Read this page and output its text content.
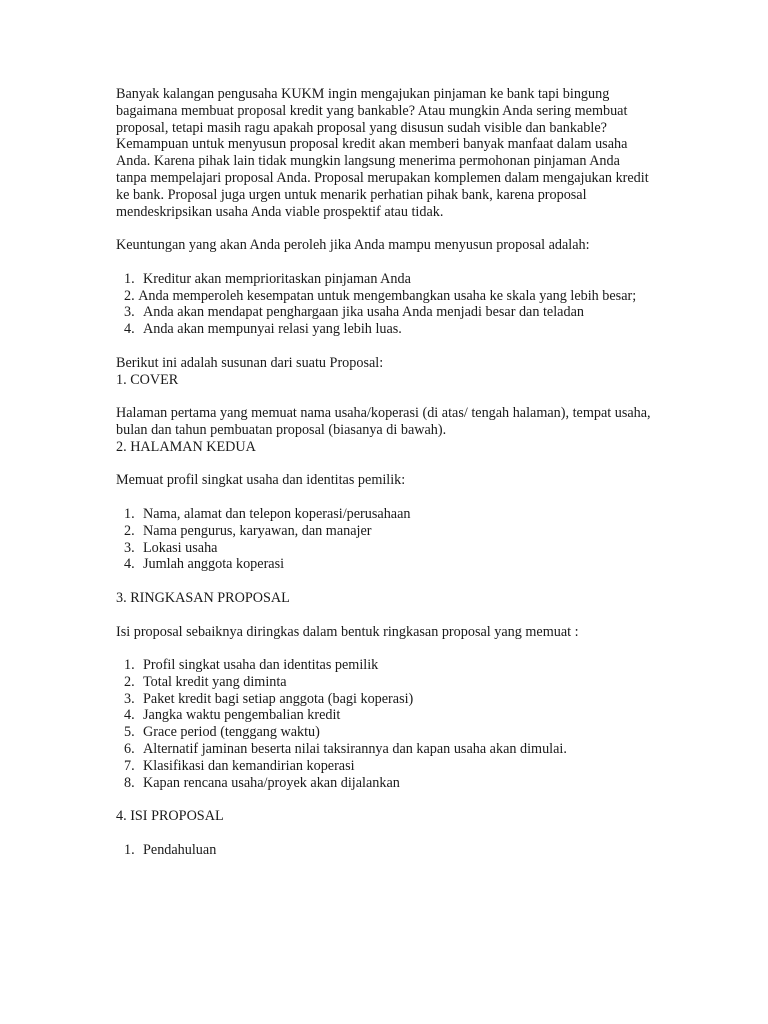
Banyak kalangan pengusaha KUKM ingin mengajukan pinjaman ke bank tapi bingung bagaimana membuat proposal kredit yang bankable? Atau mungkin Anda sering membuat proposal, tetapi masih ragu apakah proposal yang disusun sudah visible dan bankable? Kemampuan untuk menyusun proposal kredit akan memberi banyak manfaat dalam usaha Anda. Karena pihak lain tidak mungkin langsung menerima permohonan pinjaman Anda tanpa mempelajari proposal Anda. Proposal merupakan komplemen dalam mengajukan kredit ke bank. Proposal juga urgen untuk menarik perhatian pihak bank, karena proposal mendeskripsikan usaha Anda viable prospektif atau tidak.

Keuntungan yang akan Anda peroleh jika Anda mampu menyusun proposal adalah:

1. Kreditur akan memprioritaskan pinjaman Anda
2. Anda memperoleh kesempatan untuk mengembangkan usaha ke skala yang lebih besar;
3. Anda akan mendapat penghargaan jika usaha Anda menjadi besar dan teladan
4. Anda akan mempunyai relasi yang lebih luas.

Berikut ini adalah susunan dari suatu Proposal:

1. COVER

Halaman pertama yang memuat nama usaha/koperasi (di atas/ tengah halaman), tempat usaha, bulan dan tahun pembuatan proposal (biasanya di bawah).

2. HALAMAN KEDUA

Memuat profil singkat usaha dan identitas pemilik:

1. Nama, alamat dan telepon koperasi/perusahaan
2. Nama pengurus, karyawan, dan manajer
3. Lokasi usaha
4. Jumlah anggota koperasi

3. RINGKASAN PROPOSAL

Isi proposal sebaiknya diringkas dalam bentuk ringkasan proposal yang memuat :

1. Profil singkat usaha dan identitas pemilik
2. Total kredit yang diminta
3. Paket kredit bagi setiap anggota (bagi koperasi)
4. Jangka waktu pengembalian kredit
5. Grace period (tenggang waktu)
6. Alternatif jaminan beserta nilai taksirannya dan kapan usaha akan dimulai.
7. Klasifikasi dan kemandirian koperasi
8. Kapan rencana usaha/proyek akan dijalankan

4. ISI PROPOSAL

1. Pendahuluan
